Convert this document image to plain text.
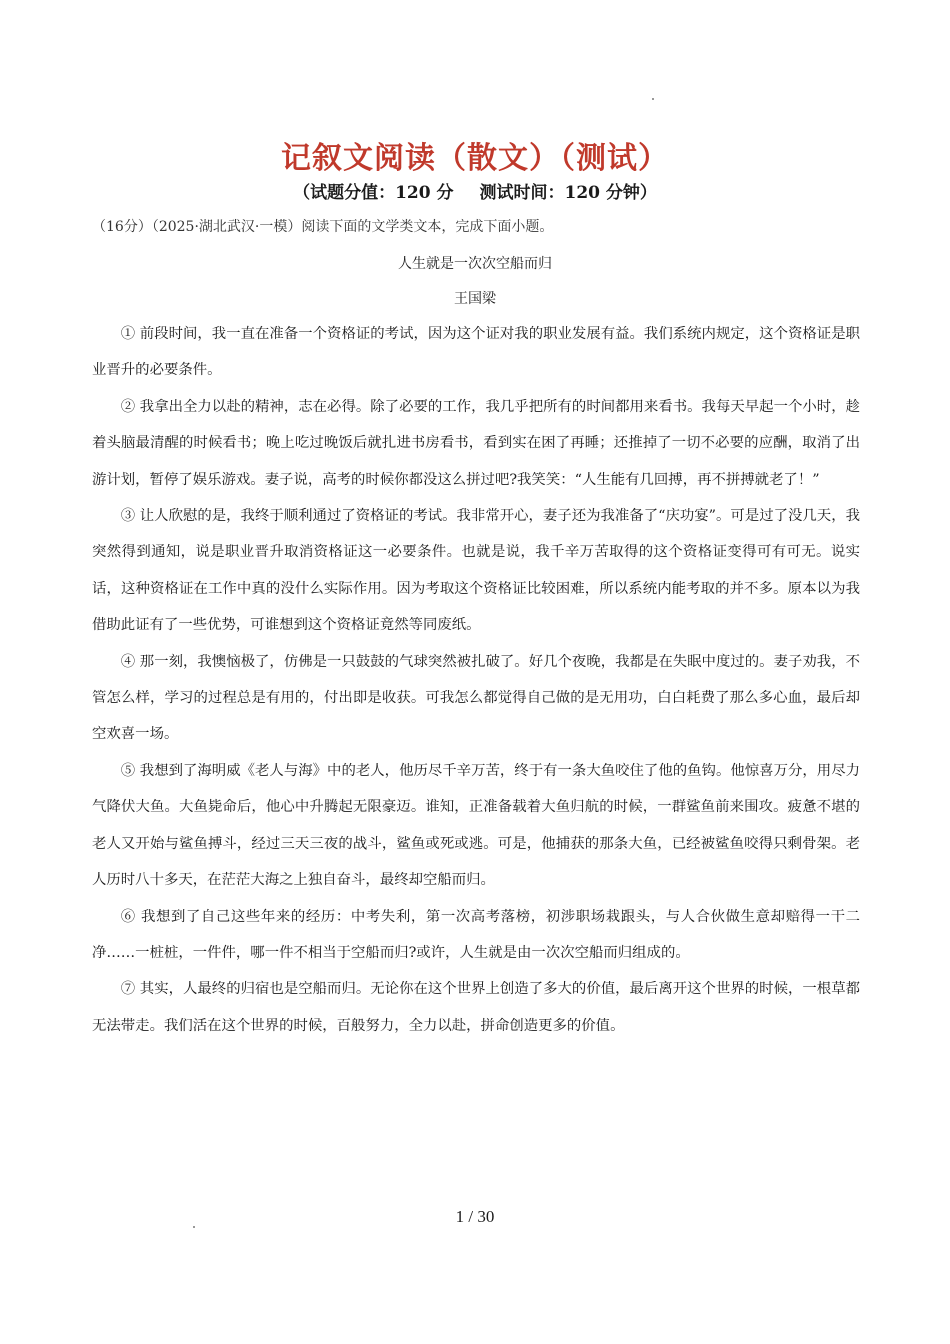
记叙文阅读（散文）（测试）
（试题分值：120 分 测试时间：120 分钟）
（16分）（2025·湖北武汉·一模）阅读下面的文学类文本，完成下面小题。
人生就是一次次空船而归
王国梁

① 前段时间，我一直在准备一个资格证的考试，因为这个证对我的职业发展有益。我们系统内规定，这个资格证是职业晋升的必要条件。

② 我拿出全力以赴的精神，志在必得。除了必要的工作，我几乎把所有的时间都用来看书。我每天早起一个小时，趁着头脑最清醒的时候看书；晚上吃过晚饭后就扎进书房看书，看到实在困了再睡；还推掉了一切不必要的应酬，取消了出游计划，暂停了娱乐游戏。妻子说，高考的时候你都没这么拼过吧?我笑笑：“人生能有几回搏，再不拼搏就老了！”

③ 让人欣慰的是，我终于顺利通过了资格证的考试。我非常开心，妻子还为我准备了“庆功宴”。可是过了没几天，我突然得到通知，说是职业晋升取消资格证这一必要条件。也就是说，我千辛万苦取得的这个资格证变得可有可无。说实话，这种资格证在工作中真的没什么实际作用。因为考取这个资格证比较困难，所以系统内能考取的并不多。原本以为我借助此证有了一些优势，可谁想到这个资格证竟然等同废纸。

④ 那一刻，我懊恼极了，仿佛是一只鼓鼓的气球突然被扎破了。好几个夜晚，我都是在失眠中度过的。妻子劝我，不管怎么样，学习的过程总是有用的，付出即是收获。可我怎么都觉得自己做的是无用功，白白耗费了那么多心血，最后却空欢喜一场。

⑤ 我想到了海明威《老人与海》中的老人，他历尽千辛万苦，终于有一条大鱼咬住了他的鱼钩。他惊喜万分，用尽力气降伏大鱼。大鱼毙命后，他心中升腾起无限豪迈。谁知，正准备载着大鱼归航的时候，一群鲨鱼前来围攻。疲惫不堪的老人又开始与鲨鱼搏斗，经过三天三夜的战斗，鲨鱼或死或逃。可是，他捕获的那条大鱼，已经被鲨鱼咬得只剩骨架。老人历时八十多天，在茫茫大海之上独自奋斗，最终却空船而归。

⑥ 我想到了自己这些年来的经历：中考失利，第一次高考落榜，初涉职场栽跟头，与人合伙做生意却赔得一干二净……一桩桩，一件件，哪一件不相当于空船而归?或许，人生就是由一次次空船而归组成的。

⑦ 其实，人最终的归宿也是空船而归。无论你在这个世界上创造了多大的价值，最后离开这个世界的时候，一根草都无法带走。我们活在这个世界的时候，百般努力，全力以赴，拼命创造更多的价值。

1 / 30
